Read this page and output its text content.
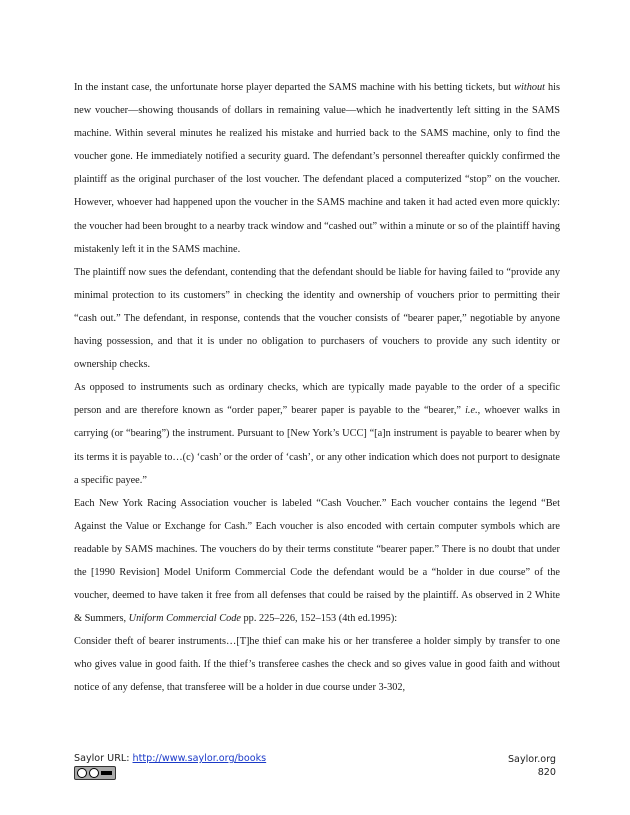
In the instant case, the unfortunate horse player departed the SAMS machine with his betting tickets, but without his new voucher—showing thousands of dollars in remaining value—which he inadvertently left sitting in the SAMS machine. Within several minutes he realized his mistake and hurried back to the SAMS machine, only to find the voucher gone. He immediately notified a security guard. The defendant’s personnel thereafter quickly confirmed the plaintiff as the original purchaser of the lost voucher. The defendant placed a computerized “stop” on the voucher. However, whoever had happened upon the voucher in the SAMS machine and taken it had acted even more quickly: the voucher had been brought to a nearby track window and “cashed out” within a minute or so of the plaintiff having mistakenly left it in the SAMS machine.

The plaintiff now sues the defendant, contending that the defendant should be liable for having failed to “provide any minimal protection to its customers” in checking the identity and ownership of vouchers prior to permitting their “cash out.” The defendant, in response, contends that the voucher consists of “bearer paper,” negotiable by anyone having possession, and that it is under no obligation to purchasers of vouchers to provide any such identity or ownership checks.

As opposed to instruments such as ordinary checks, which are typically made payable to the order of a specific person and are therefore known as “order paper,” bearer paper is payable to the “bearer,” i.e., whoever walks in carrying (or “bearing”) the instrument. Pursuant to [New York’s UCC] “[a]n instrument is payable to bearer when by its terms it is payable to…(c) ‘cash’ or the order of ‘cash’, or any other indication which does not purport to designate a specific payee.”

Each New York Racing Association voucher is labeled “Cash Voucher.” Each voucher contains the legend “Bet Against the Value or Exchange for Cash.” Each voucher is also encoded with certain computer symbols which are readable by SAMS machines. The vouchers do by their terms constitute “bearer paper.” There is no doubt that under the [1990 Revision] Model Uniform Commercial Code the defendant would be a “holder in due course” of the voucher, deemed to have taken it free from all defenses that could be raised by the plaintiff. As observed in 2 White & Summers, Uniform Commercial Code pp. 225–226, 152–153 (4th ed.1995):

Consider theft of bearer instruments…[T]he thief can make his or her transferee a holder simply by transfer to one who gives value in good faith. If the thief’s transferee cashes the check and so gives value in good faith and without notice of any defense, that transferee will be a holder in due course under 3-302,

Saylor URL: http://www.saylor.org/books	Saylor.org
820
